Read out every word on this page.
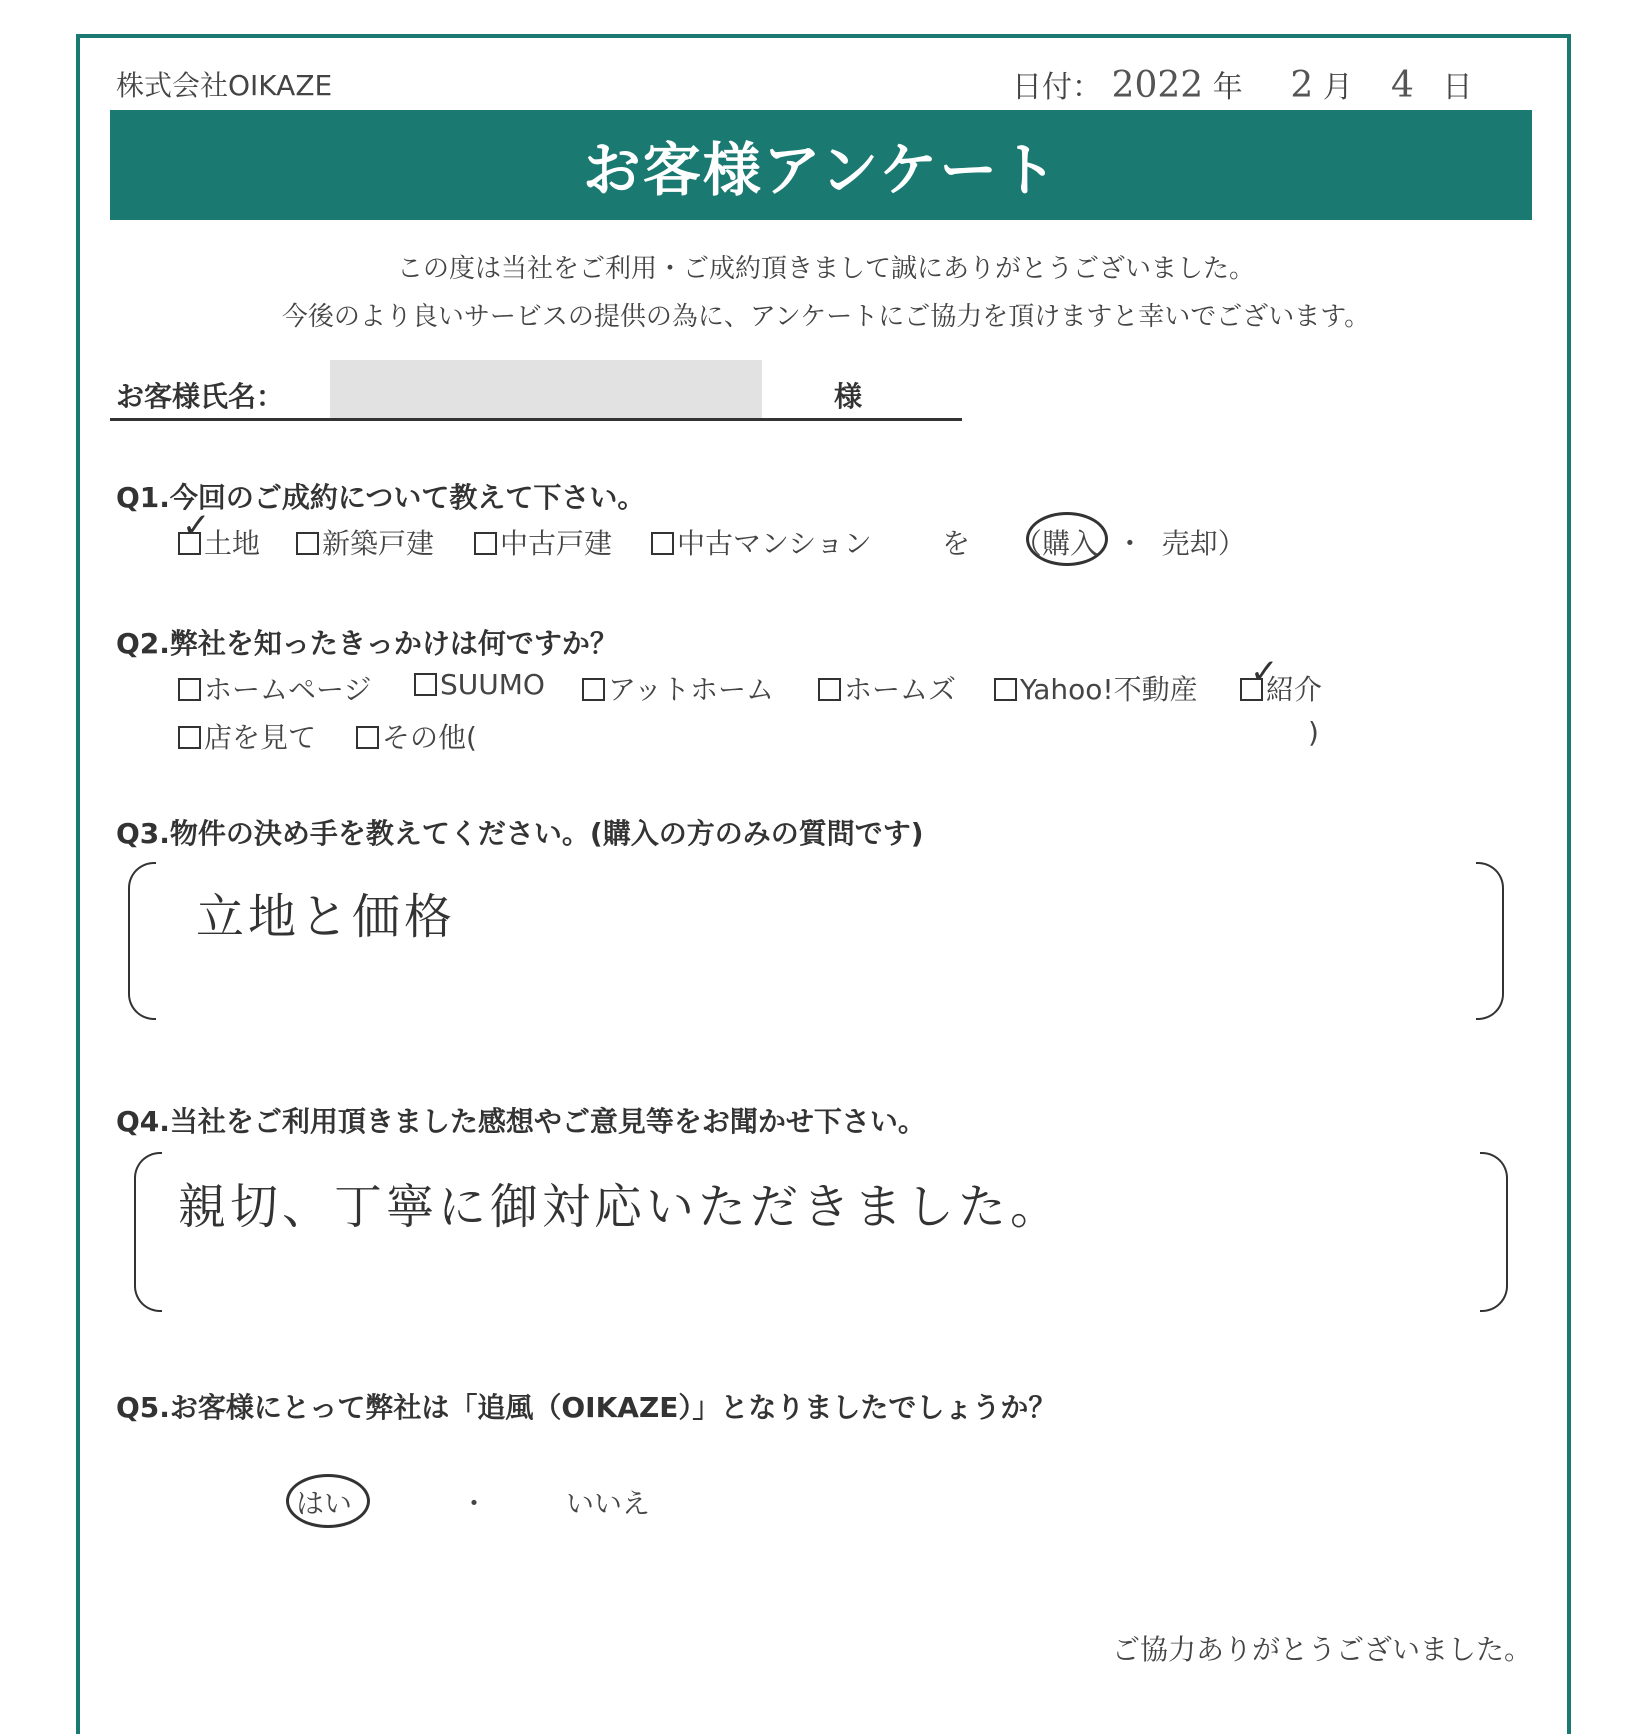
株式会社OIKAZE	日付： 2022 年 2 月 4 日
お客様アンケート
この度は当社をご利用・ご成約頂きまして誠にありがとうございました。
今後のより良いサービスの提供の為に、アンケートにご協力を頂けますと幸いでございます。
お客様氏名：	様
Q1.今回のご成約について教えて下さい。
土地
✓	新築戸建	中古戸建	中古マンション	を （購入 ・ 売却）
Q2.弊社を知ったきっかけは何ですか？
ホームページ	SUUMO	アットホーム	ホームズ	Yahoo!不動産	紹介
✓
店を見て	その他(	)
Q3.物件の決め手を教えてください。(購入の方のみの質問です)
立地と価格
Q4.当社をご利用頂きました感想やご意見等をお聞かせ下さい。
親切、丁寧に御対応いただきました。
Q5.お客様にとって弊社は「追風（OIKAZE）」となりましたでしょうか？
はい	・	いいえ
ご協力ありがとうございました。
